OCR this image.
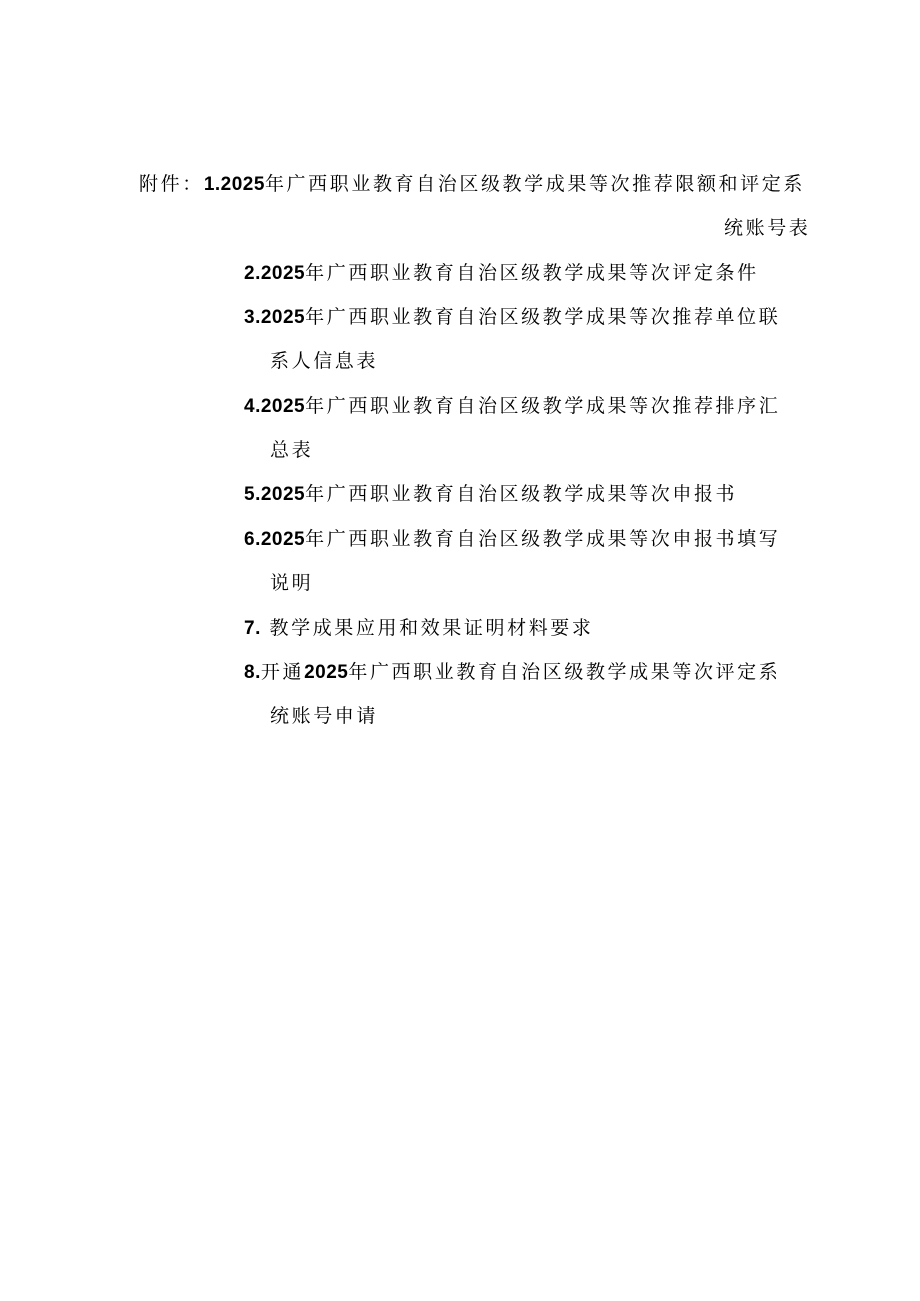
附件：1.2025年广西职业教育自治区级教学成果等次推荐限额和评定系
统账号表
2.2025年广西职业教育自治区级教学成果等次评定条件
3.2025年广西职业教育自治区级教学成果等次推荐单位联
系人信息表
4.2025年广西职业教育自治区级教学成果等次推荐排序汇
总表
5.2025年广西职业教育自治区级教学成果等次申报书
6.2025年广西职业教育自治区级教学成果等次申报书填写
说明
7. 教学成果应用和效果证明材料要求
8.开通2025年广西职业教育自治区级教学成果等次评定系
统账号申请
